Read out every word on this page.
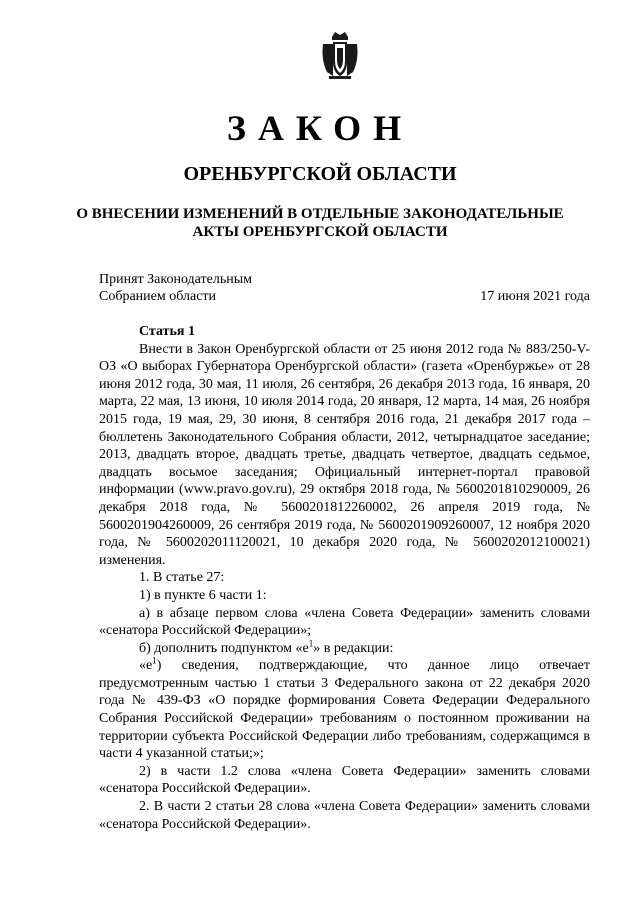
ЗАКОН
ОРЕНБУРГСКОЙ ОБЛАСТИ
О ВНЕСЕНИИ ИЗМЕНЕНИЙ В ОТДЕЛЬНЫЕ ЗАКОНОДАТЕЛЬНЫЕ
АКТЫ ОРЕНБУРГСКОЙ ОБЛАСТИ
Принят Законодательным
Собранием области	17 июня 2021 года

Статья 1

Внести в Закон Оренбургской области от 25 июня 2012 года № 883/250-V-ОЗ «О выборах Губернатора Оренбургской области» (газета «Оренбуржье» от 28 июня 2012 года, 30 мая, 11 июля, 26 сентября, 26 декабря 2013 года, 16 января, 20 марта, 22 мая, 13 июня, 10 июля 2014 года, 20 января, 12 марта, 14 мая, 26 ноября 2015 года, 19 мая, 29, 30 июня, 8 сентября 2016 года, 21 декабря 2017 года – бюллетень Законодательного Собрания области, 2012, четырнадцатое заседание; 2013, двадцать второе, двадцать третье, двадцать четвертое, двадцать седьмое, двадцать восьмое заседания; Официальный интернет-портал правовой информации (www.pravo.gov.ru), 29 октября 2018 года, № 5600201810290009, 26 декабря 2018 года, № 5600201812260002, 26 апреля 2019 года, № 5600201904260009, 26 сентября 2019 года, № 5600201909260007, 12 ноября 2020 года, № 5600202011120021, 10 декабря 2020 года, № 5600202012100021) изменения.

1. В статье 27:

1) в пункте 6 части 1:

а) в абзаце первом слова «члена Совета Федерации» заменить словами «сенатора Российской Федерации»;

б) дополнить подпунктом «$е^1$» в редакции:

«$е^1$) сведения, подтверждающие, что данное лицо отвечает предусмотренным частью 1 статьи 3 Федерального закона от 22 декабря 2020 года № 439-ФЗ «О порядке формирования Совета Федерации Федерального Собрания Российской Федерации» требованиям о постоянном проживании на территории субъекта Российской Федерации либо требованиям, содержащимся в части 4 указанной статьи;»;

2) в части 1.2 слова «члена Совета Федерации» заменить словами «сенатора Российской Федерации».

2. В части 2 статьи 28 слова «члена Совета Федерации» заменить словами «сенатора Российской Федерации».
